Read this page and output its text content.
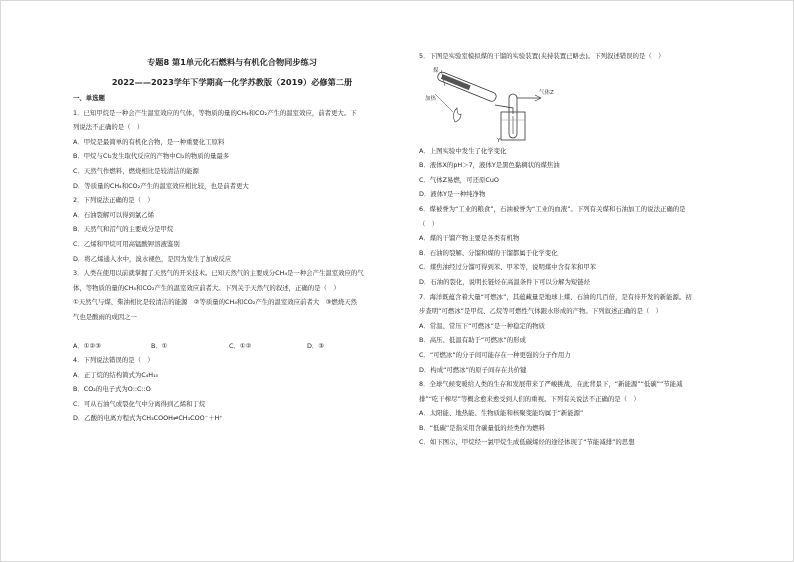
专题8 第1单元化石燃料与有机化合物同步练习
2022——2023学年下学期高一化学苏教版（2019）必修第二册
一、单选题
1．已知甲烷是一种会产生温室效应的气体，等物质的量的CH₄和CO₂产生的温室效应，前者更大。下
列说法不正确的是（　）
A．甲烷是最简单的有机化合物，是一种重要化工原料
B．甲烷与Cl₂发生取代反应的产物中Cl₂的物质的量最多
C．天然气作燃料，燃烧相比是较清洁的能源
D．等质量的CH₄和CO₂产生的温室效应相比较，也是前者更大
2．下列说法正确的是（　）
A．石油裂解可以得到氯乙烯
B．天然气和沼气的主要成分是甲烷
C．乙烯和甲烷可用高锰酸钾溶液鉴别
D．将乙烯通入水中，溴水褪色，是因为发生了加成反应
3．人类在使用以前就掌握了天然气的开采技术。已知天然气的主要成分CH₄是一种会产生温室效应的气
体，等物质的量的CH₄和CO₂产生的温室效应前者大。下列关于天然气的叙述，正确的是（　）
①天然气与煤、柴油相比是较清洁的能源　②等质量的CH₄和CO₂产生的温室效应前者大　③燃烧天然
气也是酸雨的成因之一
A．①②③	B．①	C．①②	D．③
4．下列说法错误的是（　）
A．正丁烷的结构简式为C₄H₁₀
B．CO₂的电子式为O::C::O
C．可从石油气或裂化气中分离得到乙烯和丁烷
D．乙酸的电离方程式为CH₃COOH⇌CH₃COO⁻＋H⁺
5．下图是实验室模拟煤的干馏的实验装置(夹持装置已略去)。下列叙述错误的是（　）
煤
加热
气体Z
Y
A．上图实验中发生了化学变化
B．液体X的pH＞7，液体Y是黑色黏稠状的煤焦油
C．气体Z易燃，可还原CuO
D．液体Y是一种纯净物
6．煤被誉为“工业的粮食”，石油被誉为“工业的血液”。下列有关煤和石油加工的说法正确的是
（　）
A．煤的干馏产物主要是各类有机物
B．石油的裂解、分馏和煤的干馏都属于化学变化
C．煤焦油经过分馏可得到苯、甲苯等，说明煤中含有苯和甲苯
D．石油的裂化，说明长链烃在高温条件下可以分解为短链烃
7．海洋既蕴含着大量“可燃冰”，其蕴藏量是地球上煤、石油的几百倍，是有待开发的新能源。初
步查明“可燃冰”是甲烷、乙烷等可燃性气体跟水形成的产物。下列叙述正确的是（　）
A．常温、常压下“可燃冰”是一种稳定的物质
B．高压、低温有助于“可燃冰”的形成
C．“可燃冰”的分子间可能存在一种更强的分子作用力
D．构成“可燃冰”的原子间存在共价键
8．全球气候变暖给人类的生存和发展带来了严峻挑战，在此背景下，“新能源”“低碳”“节能减
排”“吃干榨尽”等概念愈来愈受到人们的重视。下列有关说法不正确的是（　）
A．太阳能、地热能、生物质能和核聚变能均属于“新能源”
B．“低碳”是指采用含碳量低的烃类作为燃料
C．如下图示，甲烷经一氯甲烷生成低碳烯烃的途径体现了“节能减排”的思想
